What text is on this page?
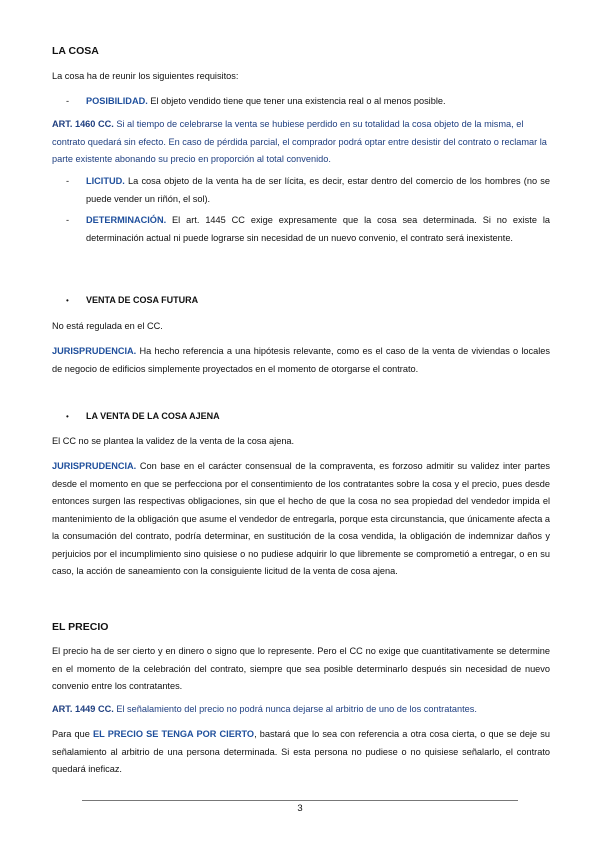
LA COSA

La cosa ha de reunir los siguientes requisitos:

- POSIBILIDAD. El objeto vendido tiene que tener una existencia real o al menos posible.

ART. 1460 CC. Si al tiempo de celebrarse la venta se hubiese perdido en su totalidad la cosa objeto de la misma, el contrato quedará sin efecto. En caso de pérdida parcial, el comprador podrá optar entre desistir del contrato o reclamar la parte existente abonando su precio en proporción al total convenido.

- LICITUD. La cosa objeto de la venta ha de ser lícita, es decir, estar dentro del comercio de los hombres (no se puede vender un riñón, el sol).

- DETERMINACIÓN. El art. 1445 CC exige expresamente que la cosa sea determinada. Si no existe la determinación actual ni puede lograrse sin necesidad de un nuevo convenio, el contrato será inexistente.

• VENTA DE COSA FUTURA

No está regulada en el CC.

JURISPRUDENCIA. Ha hecho referencia a una hipótesis relevante, como es el caso de la venta de viviendas o locales de negocio de edificios simplemente proyectados en el momento de otorgarse el contrato.

• LA VENTA DE LA COSA AJENA

El CC no se plantea la validez de la venta de la cosa ajena.

JURISPRUDENCIA. Con base en el carácter consensual de la compraventa, es forzoso admitir su validez inter partes desde el momento en que se perfecciona por el consentimiento de los contratantes sobre la cosa y el precio, pues desde entonces surgen las respectivas obligaciones, sin que el hecho de que la cosa no sea propiedad del vendedor impida el mantenimiento de la obligación que asume el vendedor de entregarla, porque esta circunstancia, que únicamente afecta a la consumación del contrato, podría determinar, en sustitución de la cosa vendida, la obligación de indemnizar daños y perjuicios por el incumplimiento sino quisiese o no pudiese adquirir lo que libremente se comprometió a entregar, o en su caso, la acción de saneamiento con la consiguiente licitud de la venta de cosa ajena.

EL PRECIO

El precio ha de ser cierto y en dinero o signo que lo represente. Pero el CC no exige que cuantitativamente se determine en el momento de la celebración del contrato, siempre que sea posible determinarlo después sin necesidad de nuevo convenio entre los contratantes.

ART. 1449 CC. El señalamiento del precio no podrá nunca dejarse al arbitrio de uno de los contratantes.

Para que EL PRECIO SE TENGA POR CIERTO, bastará que lo sea con referencia a otra cosa cierta, o que se deje su señalamiento al arbitrio de una persona determinada. Si esta persona no pudiese o no quisiese señalarlo, el contrato quedará ineficaz.

3
